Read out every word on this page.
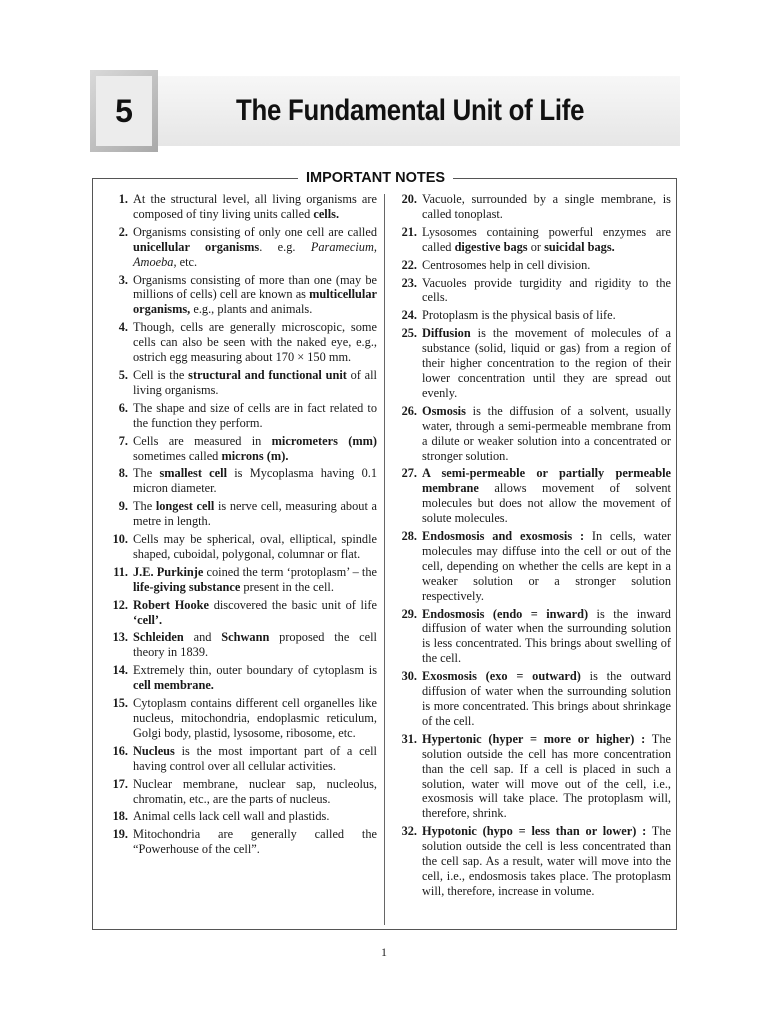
5	The Fundamental Unit of Life
IMPORTANT NOTES
1. At the structural level, all living organisms are composed of tiny living units called cells.
2. Organisms consisting of only one cell are called unicellular organisms. e.g. Paramecium, Amoeba, etc.
3. Organisms consisting of more than one (may be millions of cells) cell are known as multicellular organisms, e.g., plants and animals.
4. Though, cells are generally microscopic, some cells can also be seen with the naked eye, e.g., ostrich egg measuring about 170 × 150 mm.
5. Cell is the structural and functional unit of all living organisms.
6. The shape and size of cells are in fact related to the function they perform.
7. Cells are measured in micrometers (mm) sometimes called microns (m).
8. The smallest cell is Mycoplasma having 0.1 micron diameter.
9. The longest cell is nerve cell, measuring about a metre in length.
10. Cells may be spherical, oval, elliptical, spindle shaped, cuboidal, polygonal, columnar or flat.
11. J.E. Purkinje coined the term ‘protoplasm’ – the life-giving substance present in the cell.
12. Robert Hooke discovered the basic unit of life ‘cell’.
13. Schleiden and Schwann proposed the cell theory in 1839.
14. Extremely thin, outer boundary of cytoplasm is cell membrane.
15. Cytoplasm contains different cell organelles like nucleus, mitochondria, endoplasmic reticulum, Golgi body, plastid, lysosome, ribosome, etc.
16. Nucleus is the most important part of a cell having control over all cellular activities.
17. Nuclear membrane, nuclear sap, nucleolus, chromatin, etc., are the parts of nucleus.
18. Animal cells lack cell wall and plastids.
19. Mitochondria are generally called the “Powerhouse of the cell”.
20. Vacuole, surrounded by a single membrane, is called tonoplast.
21. Lysosomes containing powerful enzymes are called digestive bags or suicidal bags.
22. Centrosomes help in cell division.
23. Vacuoles provide turgidity and rigidity to the cells.
24. Protoplasm is the physical basis of life.
25. Diffusion is the movement of molecules of a substance (solid, liquid or gas) from a region of their higher concentration to the region of their lower concentration until they are spread out evenly.
26. Osmosis is the diffusion of a solvent, usually water, through a semi-permeable membrane from a dilute or weaker solution into a concentrated or stronger solution.
27. A semi-permeable or partially permeable membrane allows movement of solvent molecules but does not allow the movement of solute molecules.
28. Endosmosis and exosmosis : In cells, water molecules may diffuse into the cell or out of the cell, depending on whether the cells are kept in a weaker solution or a stronger solution respectively.
29. Endosmosis (endo = inward) is the inward diffusion of water when the surrounding solution is less concentrated. This brings about swelling of the cell.
30. Exosmosis (exo = outward) is the outward diffusion of water when the surrounding solution is more concentrated. This brings about shrinkage of the cell.
31. Hypertonic (hyper = more or higher) : The solution outside the cell has more concentration than the cell sap. If a cell is placed in such a solution, water will move out of the cell, i.e., exosmosis will take place. The protoplasm will, therefore, shrink.
32. Hypotonic (hypo = less than or lower) : The solution outside the cell is less concentrated than the cell sap. As a result, water will move into the cell, i.e., endosmosis takes place. The protoplasm will, therefore, increase in volume.
1
